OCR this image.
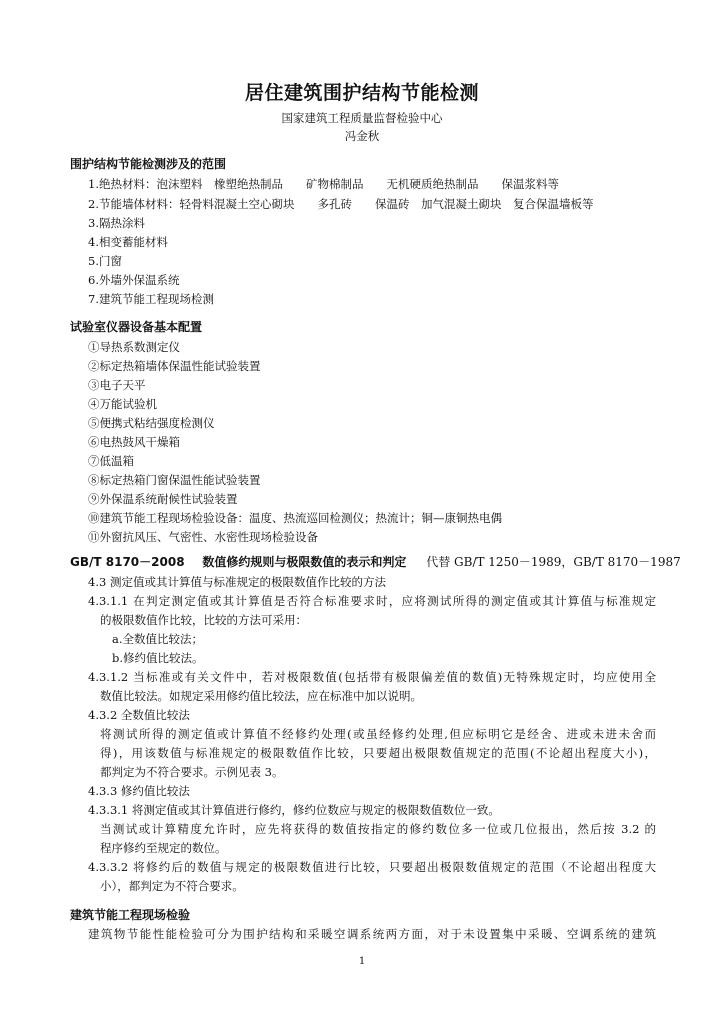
居住建筑围护结构节能检测
国家建筑工程质量监督检验中心
冯金秋
围护结构节能检测涉及的范围
1.绝热材料：泡沫塑料　橡塑绝热制品　　矿物棉制品　　无机硬质绝热制品　　保温浆料等
2.节能墙体材料：轻骨料混凝土空心砌块　　多孔砖　　保温砖　加气混凝土砌块　复合保温墙板等
3.隔热涂料
4.相变蓄能材料
5.门窗
6.外墙外保温系统
7.建筑节能工程现场检测
试验室仪器设备基本配置
①导热系数测定仪
②标定热箱墙体保温性能试验装置
③电子天平
④万能试验机
⑤便携式粘结强度检测仪
⑥电热鼓风干燥箱
⑦低温箱
⑧标定热箱门窗保温性能试验装置
⑨外保温系统耐候性试验装置
⑩建筑节能工程现场检验设备：温度、热流巡回检测仪；热流计；铜—康铜热电偶
⑪外窗抗风压、气密性、水密性现场检验设备
GB/T 8170－2008 数值修约规则与极限数值的表示和判定 代替 GB/T 1250－1989，GB/T 8170－1987
4.3 测定值或其计算值与标准规定的极限数值作比较的方法
4.3.1.1 在判定测定值或其计算值是否符合标准要求时，应将测试所得的测定值或其计算值与标准规定
的极限数值作比较，比较的方法可采用：
a.全数值比较法；
b.修约值比较法。
4.3.1.2 当标准或有关文件中，若对极限数值(包括带有极限偏差值的数值)无特殊规定时，均应使用全
数值比较法。如规定采用修约值比较法，应在标准中加以说明。
4.3.2 全数值比较法
将测试所得的测定值或计算值不经修约处理(或虽经修约处理,但应标明它是经舍、进或未进未舍而
得)，用该数值与标准规定的极限数值作比较，只要超出极限数值规定的范围(不论超出程度大小)，
都判定为不符合要求。示例见表 3。
4.3.3 修约值比较法
4.3.3.1 将测定值或其计算值进行修约，修约位数应与规定的极限数值数位一致。
当测试或计算精度允许时，应先将获得的数值按指定的修约数位多一位或几位报出，然后按 3.2 的
程序修约至规定的数位。
4.3.3.2 将修约后的数值与规定的极限数值进行比较，只要超出极限数值规定的范围（不论超出程度大
小），都判定为不符合要求。
建筑节能工程现场检验
建筑物节能性能检验可分为围护结构和采暖空调系统两方面，对于未设置集中采暖、空调系统的建筑
1
